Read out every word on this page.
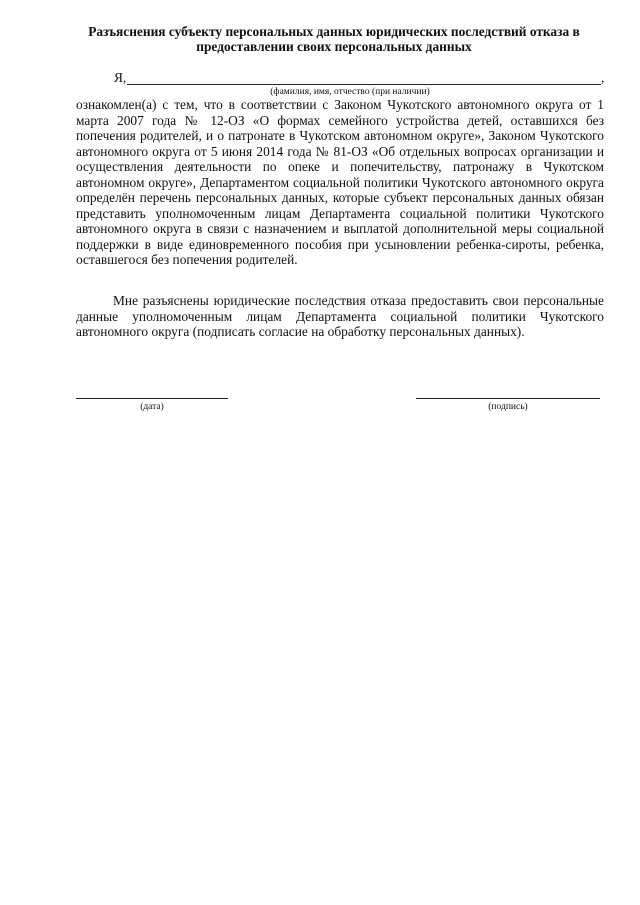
Разъяснения субъекту персональных данных юридических последствий отказа в предоставлении своих персональных данных
Я,	,
(фамилия, имя, отчество (при наличии)

ознакомлен(а) с тем, что в соответствии с Законом Чукотского автономного округа от 1 марта 2007 года № 12-ОЗ «О формах семейного устройства детей, оставшихся без попечения родителей, и о патронате в Чукотском автономном округе», Законом Чукотского автономного округа от 5 июня 2014 года № 81-ОЗ «Об отдельных вопросах организации и осуществления деятельности по опеке и попечительству, патронажу в Чукотском автономном округе», Департаментом социальной политики Чукотского автономного округа определён перечень персональных данных, которые субъект персональных данных обязан представить уполномоченным лицам Департамента социальной политики Чукотского автономного округа в связи с назначением и выплатой дополнительной меры социальной поддержки в виде единовременного пособия при усыновлении ребенка-сироты, ребенка, оставшегося без попечения родителей.

Мне разъяснены юридические последствия отказа предоставить свои персональные данные уполномоченным лицам Департамента социальной политики Чукотского автономного округа (подписать согласие на обработку персональных данных).

(дата)	(подпись)
